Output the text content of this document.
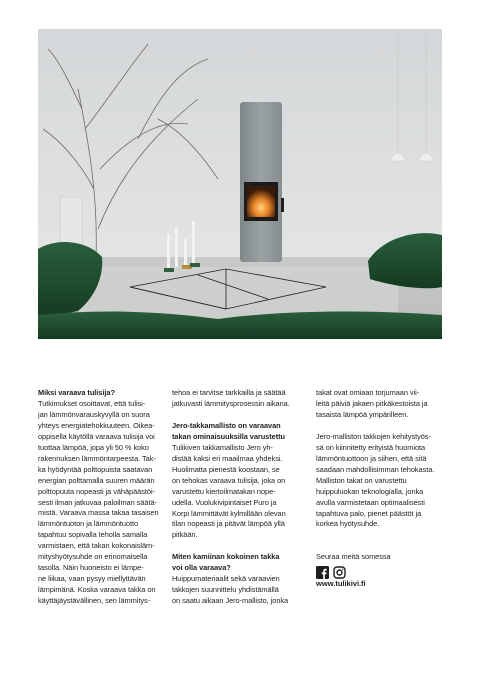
Miksi varaava tulisija?

Tutkimukset osoittavat, että tulisi-

jan lämmönvarauskyvyllä on suora

yhteys energiatehokkuuteen. Oikea-

oppisella käytöllä varaava tulisija voi

tuottaa lämpöä, jopa yli 50 % koko

rakennuksen lämmöntarpeesta. Tak-

ka hyödyntää polttopuista saatavan

energian polttamalla suuren määrän

polttopuuta nopeasti ja vähäpäästöi-

sesti ilman jatkuvaa paloilman säätä-

mistä. Varaava massa takaa tasaisen

lämmöntuoton ja lämmöntuotto

tapahtuu sopivalla teholla samalla

varmistaen, että takan kokonaisläm-

mityshyötysuhde on erinomaisella

tasolla. Näin huoneisto ei lämpe-

ne liikaa, vaan pysyy miellyttävän

lämpimänä. Koska varaava takka on

käyttäjäystävällinen, sen lämmitys-

tehoa ei tarvitse tarkkailla ja säätää

jatkuvasti lämmitysprosessin aikana.

Jero-takkamallisto on varaavan

takan ominaisuuksilla varustettu

Tulikiven takkamallisto Jero yh-

distää kaksi eri maailmaa yhdeksi.

Huolimatta pienestä koostaan, se

on tehokas varaava tulisija, joka on

varustettu kiertoilmatakan nope-

udella. Vuolukivipintaiset Puro ja

Korpi lämmittävät kylmillään olevan

tilan nopeasti ja pitävät lämpöä yllä

pitkään.

Miten kamiinan kokoinen takka

voi olla varaava?

Huippumateriaalit sekä varaavien

takkojen suunnittelu yhdistämällä

on saatu aikaan Jero-mallisto, jonka

takat ovat omiaan torjumaan vii-

leitä päiviä jakaen pitkäkestoista ja

tasaista lämpöä ympärilleen.

Jero-malliston takkojen kehitystyös-

sä on kiinnitetty erityistä huomiota

lämmöntuottoon ja siihen, että sitä

saadaan mahdollisimman tehokasta.

Malliston takat on varustettu

huippuluokan teknologialla, jonka

avulla varmistetaan optimaalisesti

tapahtuva palo, pienet päästöt ja

korkea hyötysuhde.

Seuraa meitä somessa

www.tulikivi.fi
